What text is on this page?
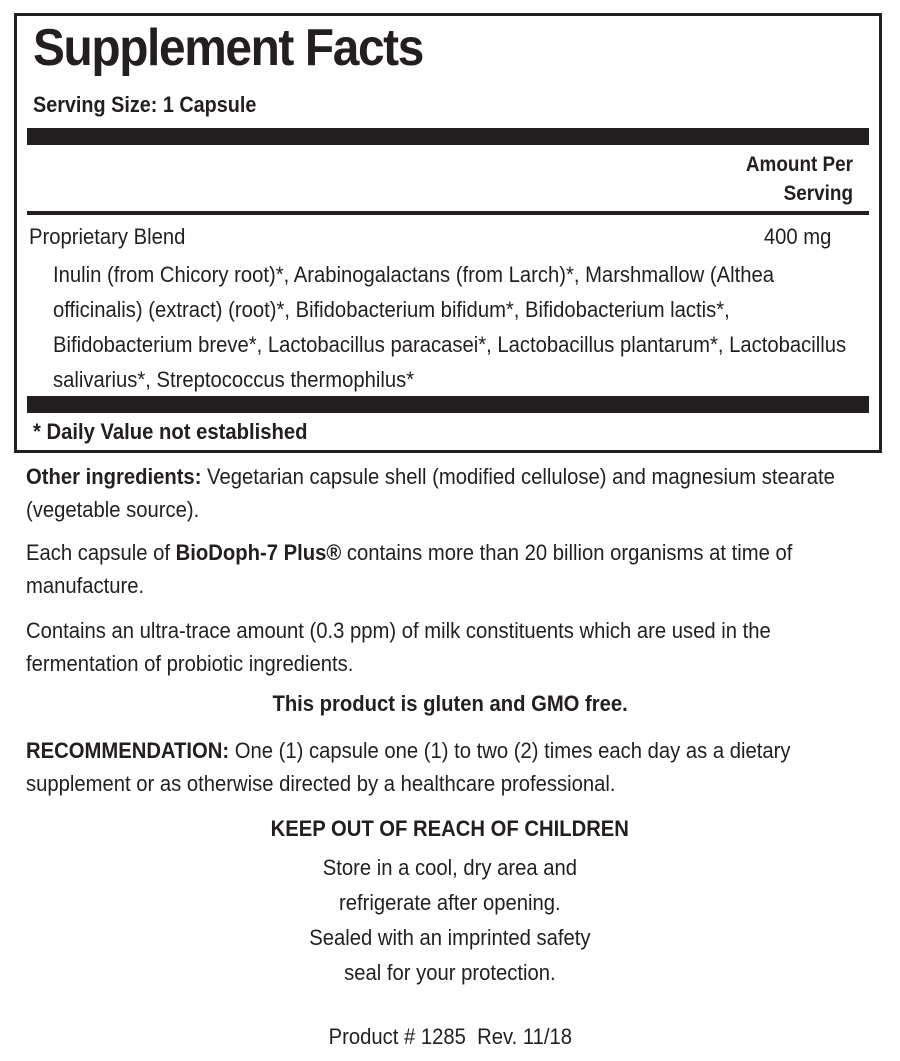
Supplement Facts
Serving Size: 1 Capsule
Amount Per
Serving
Proprietary Blend	400 mg
Inulin (from Chicory root)*, Arabinogalactans (from Larch)*, Marshmallow (Althea officinalis) (extract) (root)*, Bifidobacterium bifidum*, Bifidobacterium lactis*, Bifidobacterium breve*, Lactobacillus paracasei*, Lactobacillus plantarum*, Lactobacillus salivarius*, Streptococcus thermophilus*
* Daily Value not established
Other ingredients: Vegetarian capsule shell (modified cellulose) and magnesium stearate (vegetable source).
Each capsule of BioDoph-7 Plus® contains more than 20 billion organisms at time of manufacture.
Contains an ultra-trace amount (0.3 ppm) of milk constituents which are used in the fermentation of probiotic ingredients.
This product is gluten and GMO free.
RECOMMENDATION: One (1) capsule one (1) to two (2) times each day as a dietary supplement or as otherwise directed by a healthcare professional.
KEEP OUT OF REACH OF CHILDREN
Store in a cool, dry area and
refrigerate after opening.
Sealed with an imprinted safety
seal for your protection.
Product # 1285  Rev. 11/18
